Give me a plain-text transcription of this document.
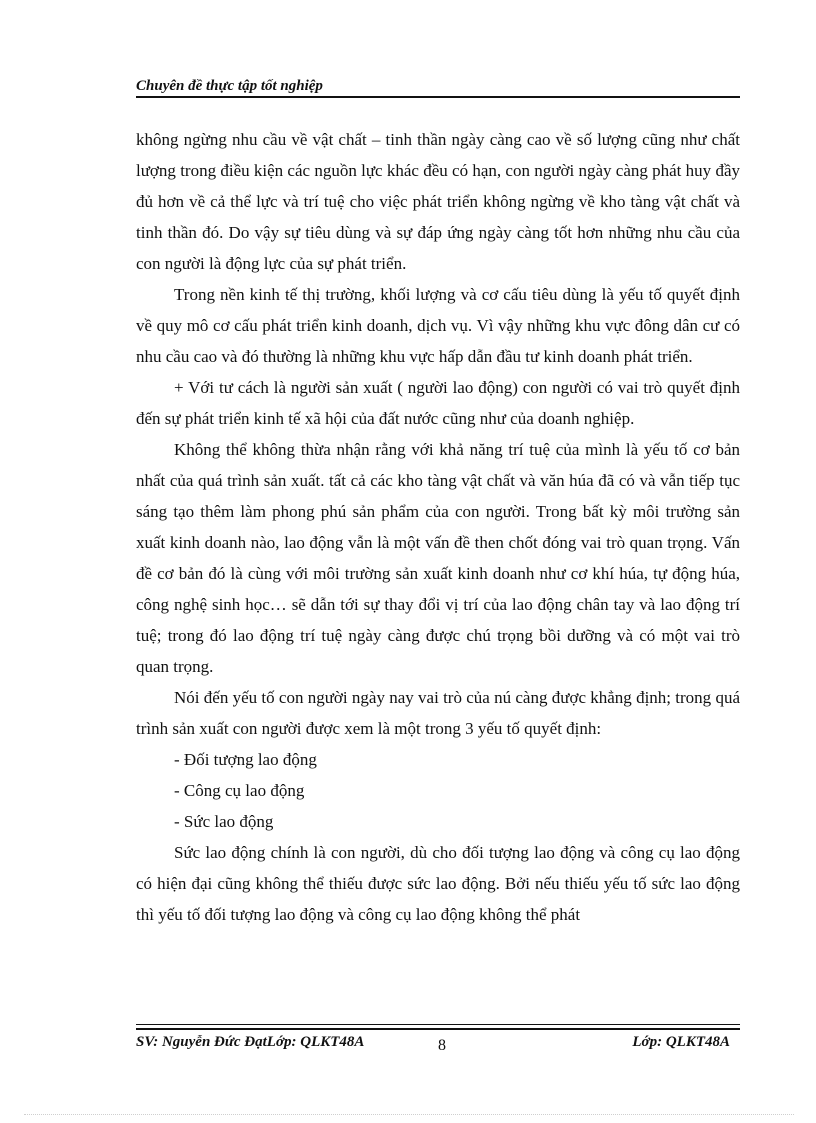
Chuyên đề thực tập tốt nghiệp

không ngừng nhu cầu về vật chất – tinh thần ngày càng cao về số lượng cũng như chất lượng trong điều kiện các nguồn lực khác đều có hạn, con người ngày càng phát huy đầy đủ hơn về cả thể lực và trí tuệ cho việc phát triển không ngừng về kho tàng vật chất và tinh thần đó. Do vậy sự tiêu dùng và sự đáp ứng ngày càng tốt hơn những nhu cầu của con người là động lực của sự phát triển.

Trong nền kinh tế thị trường, khối lượng và cơ cấu tiêu dùng là yếu tố quyết định về quy mô cơ cấu phát triển kinh doanh, dịch vụ. Vì vậy những khu vực đông dân cư có nhu cầu cao và đó thường là những khu vực hấp dẫn đầu tư kinh doanh phát triển.

+ Với tư cách là người sản xuất ( người lao động) con người có vai trò quyết định đến sự phát triển kinh tế xã hội của đất nước cũng như của doanh nghiệp.

Không thể không thừa nhận rằng với khả năng trí tuệ của mình là yếu tố cơ bản nhất của quá trình sản xuất. tất cả các kho tàng vật chất và văn húa đã có và vẫn tiếp tục sáng tạo thêm làm phong phú sản phẩm của con người. Trong bất kỳ môi trường sản xuất kinh doanh nào, lao động vẫn là một vấn đề then chốt đóng vai trò quan trọng. Vấn đề cơ bản đó là cùng với môi trường sản xuất kinh doanh như cơ khí húa, tự động húa, công nghệ sinh học… sẽ dẫn tới sự thay đổi vị trí của lao động chân tay và lao động trí tuệ; trong đó lao động trí tuệ ngày càng được chú trọng bồi dưỡng và có một vai trò quan trọng.

Nói đến yếu tố con người ngày nay vai trò của nú càng được khẳng định; trong quá trình sản xuất con người được xem là một trong 3 yếu tố quyết định:

- Đối tượng lao động

- Công cụ lao động

- Sức lao động

Sức lao động chính là con người, dù cho đối tượng lao động và công cụ lao động có hiện đại cũng không thể thiếu được sức lao động. Bởi nếu thiếu yếu tố sức lao động thì yếu tố đối tượng lao động và công cụ lao động không thể phát

SV: Nguyễn Đức ĐạtLớp: QLKT48A	8	Lớp: QLKT48A
